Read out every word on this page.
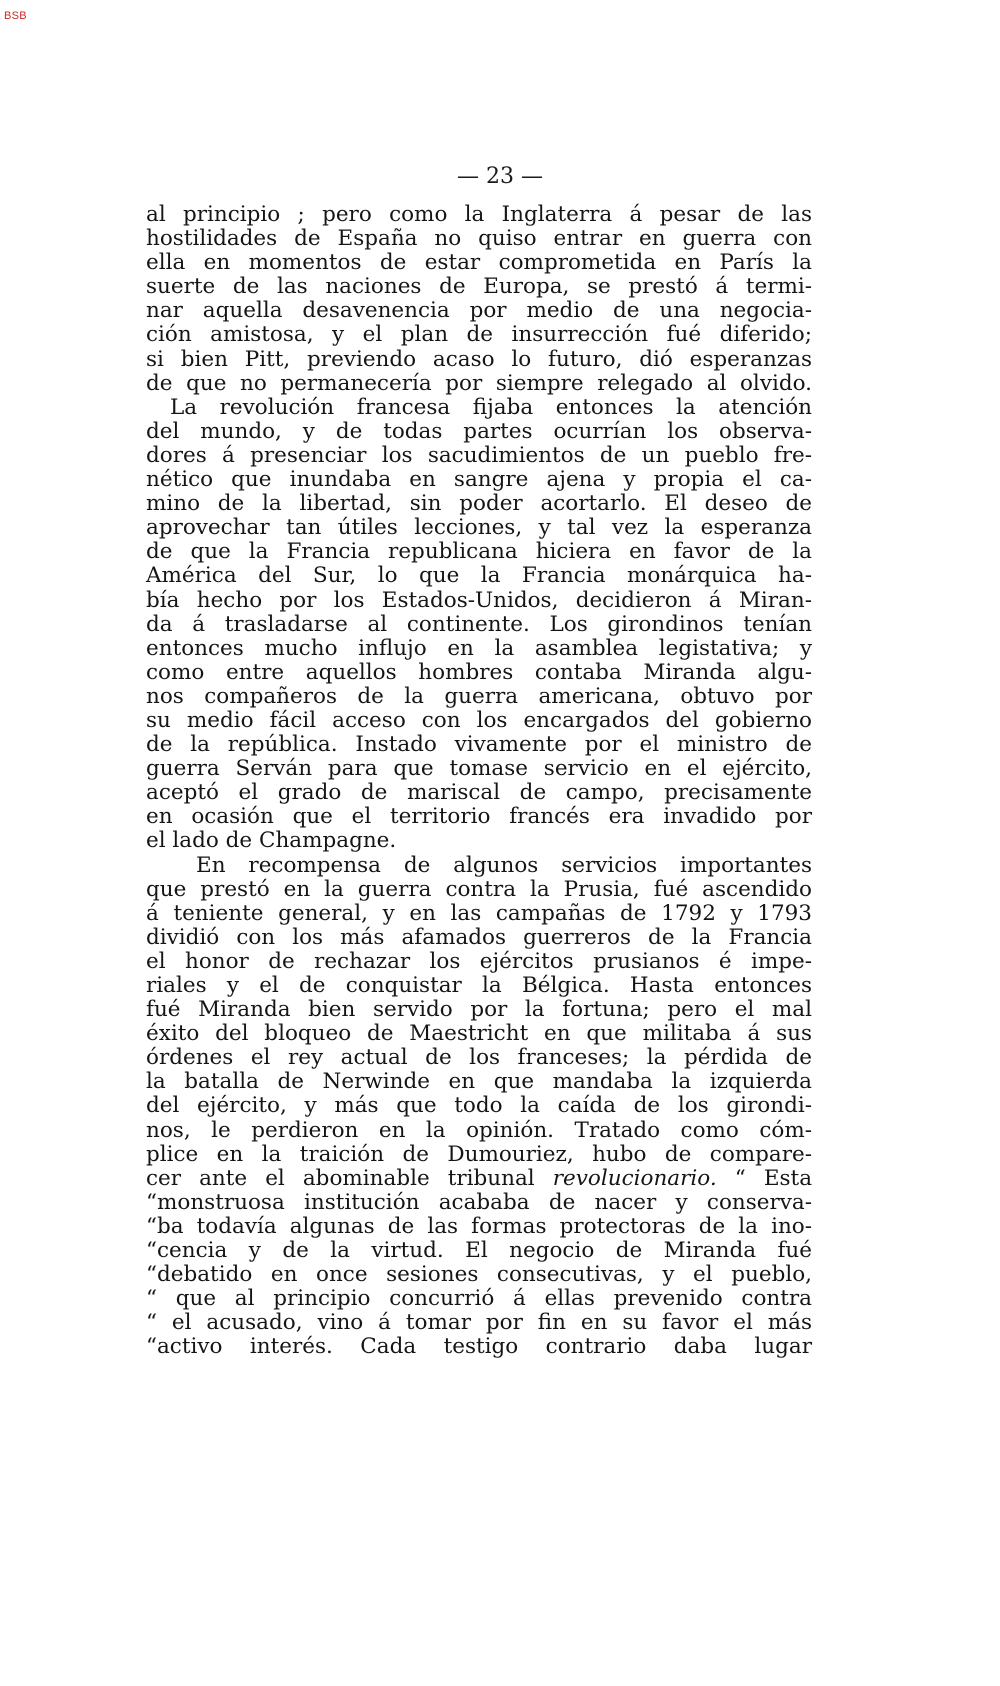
BSB
— 23 —
al principio ; pero como la Inglaterra á pesar de las
hostilidades de España no quiso entrar en guerra con
ella en momentos de estar comprometida en París la
suerte de las naciones de Europa, se prestó á termi-
nar aquella desavenencia por medio de una negocia-
ción amistosa, y el plan de insurrección fué diferido;
si bien Pitt, previendo acaso lo futuro, dió esperanzas
de que no permanecería por siempre relegado al olvido.
La revolución francesa fijaba entonces la atención
del mundo, y de todas partes ocurrían los observa-
dores á presenciar los sacudimientos de un pueblo fre-
nético que inundaba en sangre ajena y propia el ca-
mino de la libertad, sin poder acortarlo. El deseo de
aprovechar tan útiles lecciones, y tal vez la esperanza
de que la Francia republicana hiciera en favor de la
América del Sur, lo que la Francia monárquica ha-
bía hecho por los Estados-Unidos, decidieron á Miran-
da á trasladarse al continente. Los girondinos tenían
entonces mucho influjo en la asamblea legistativa; y
como entre aquellos hombres contaba Miranda algu-
nos compañeros de la guerra americana, obtuvo por
su medio fácil acceso con los encargados del gobierno
de la república. Instado vivamente por el ministro de
guerra Serván para que tomase servicio en el ejército,
aceptó el grado de mariscal de campo, precisamente
en ocasión que el territorio francés era invadido por
el lado de Champagne.
En recompensa de algunos servicios importantes
que prestó en la guerra contra la Prusia, fué ascendido
á teniente general, y en las campañas de 1792 y 1793
dividió con los más afamados guerreros de la Francia
el honor de rechazar los ejércitos prusianos é impe-
riales y el de conquistar la Bélgica. Hasta entonces
fué Miranda bien servido por la fortuna; pero el mal
éxito del bloqueo de Maestricht en que militaba á sus
órdenes el rey actual de los franceses; la pérdida de
la batalla de Nerwinde en que mandaba la izquierda
del ejército, y más que todo la caída de los girondi-
nos, le perdieron en la opinión. Tratado como cóm-
plice en la traición de Dumouriez, hubo de compare-
cer ante el abominable tribunal revolucionario. “ Esta
“monstruosa institución acababa de nacer y conserva-
“ba todavía algunas de las formas protectoras de la ino-
“cencia y de la virtud. El negocio de Miranda fué
“debatido en once sesiones consecutivas, y el pueblo,
“ que al principio concurrió á ellas prevenido contra
“ el acusado, vino á tomar por fin en su favor el más
“activo interés. Cada testigo contrario daba lugar
